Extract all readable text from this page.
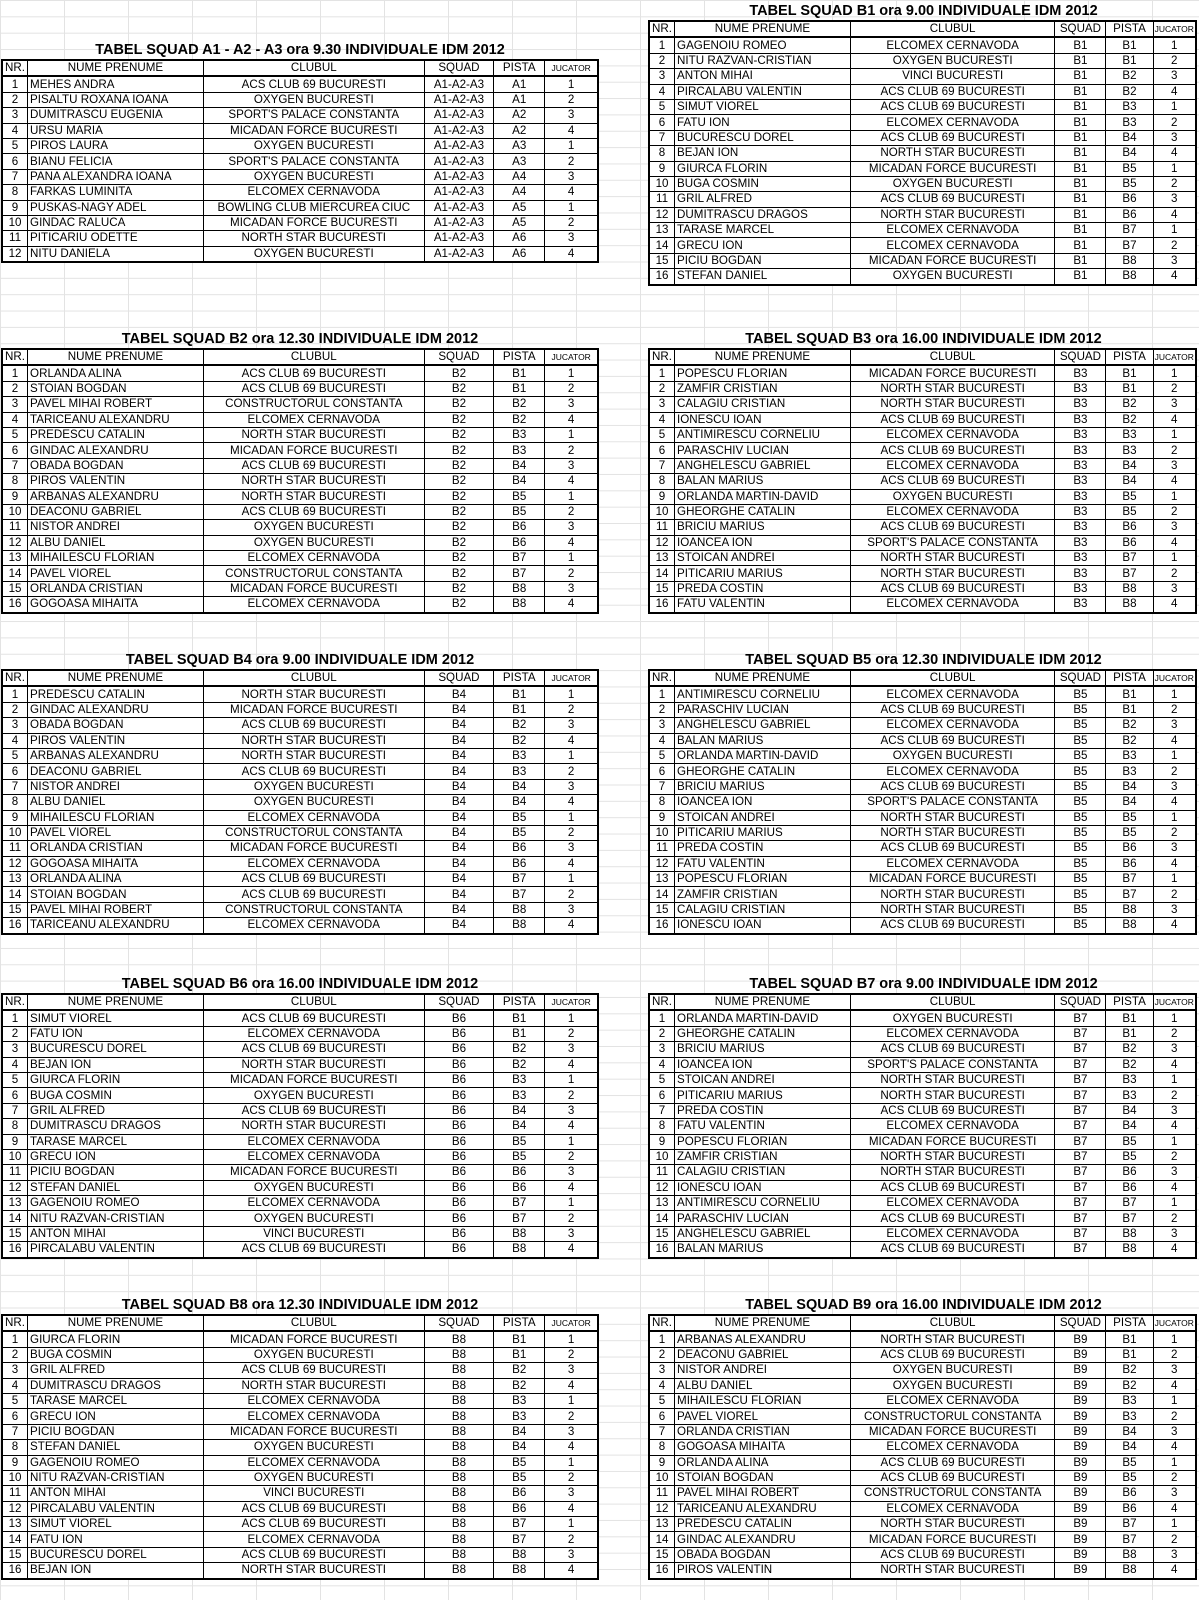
TABEL SQUAD A1 - A2 - A3 ora 9.30 INDIVIDUALE IDM 2012
NR.	NUME PRENUME	CLUBUL	SQUAD	PISTA	JUCATOR
1	MEHES ANDRA	ACS CLUB 69 BUCURESTI	A1-A2-A3	A1	1
2	PISALTU ROXANA IOANA	OXYGEN BUCURESTI	A1-A2-A3	A1	2
3	DUMITRASCU EUGENIA	SPORT'S PALACE CONSTANTA	A1-A2-A3	A2	3
4	URSU MARIA	MICADAN FORCE BUCURESTI	A1-A2-A3	A2	4
5	PIROS LAURA	OXYGEN BUCURESTI	A1-A2-A3	A3	1
6	BIANU FELICIA	SPORT'S PALACE CONSTANTA	A1-A2-A3	A3	2
7	PANA ALEXANDRA IOANA	OXYGEN BUCURESTI	A1-A2-A3	A4	3
8	FARKAS LUMINITA	ELCOMEX CERNAVODA	A1-A2-A3	A4	4
9	PUSKAS-NAGY ADEL	BOWLING CLUB MIERCUREA CIUC	A1-A2-A3	A5	1
10	GINDAC RALUCA	MICADAN FORCE BUCURESTI	A1-A2-A3	A5	2
11	PITICARIU ODETTE	NORTH STAR BUCURESTI	A1-A2-A3	A6	3
12	NITU DANIELA	OXYGEN BUCURESTI	A1-A2-A3	A6	4
TABEL SQUAD B1 ora 9.00 INDIVIDUALE IDM 2012
NR.	NUME PRENUME	CLUBUL	SQUAD	PISTA	JUCATOR
1	GAGENOIU ROMEO	ELCOMEX CERNAVODA	B1	B1	1
2	NITU RAZVAN-CRISTIAN	OXYGEN BUCURESTI	B1	B1	2
3	ANTON MIHAI	VINCI BUCURESTI	B1	B2	3
4	PIRCALABU VALENTIN	ACS CLUB 69 BUCURESTI	B1	B2	4
5	SIMUT VIOREL	ACS CLUB 69 BUCURESTI	B1	B3	1
6	FATU ION	ELCOMEX CERNAVODA	B1	B3	2
7	BUCURESCU DOREL	ACS CLUB 69 BUCURESTI	B1	B4	3
8	BEJAN ION	NORTH STAR BUCURESTI	B1	B4	4
9	GIURCA FLORIN	MICADAN FORCE BUCURESTI	B1	B5	1
10	BUGA COSMIN	OXYGEN BUCURESTI	B1	B5	2
11	GRIL ALFRED	ACS CLUB 69 BUCURESTI	B1	B6	3
12	DUMITRASCU DRAGOS	NORTH STAR BUCURESTI	B1	B6	4
13	TARASE MARCEL	ELCOMEX CERNAVODA	B1	B7	1
14	GRECU ION	ELCOMEX CERNAVODA	B1	B7	2
15	PICIU BOGDAN	MICADAN FORCE BUCURESTI	B1	B8	3
16	STEFAN DANIEL	OXYGEN BUCURESTI	B1	B8	4
TABEL SQUAD B2 ora 12.30 INDIVIDUALE IDM 2012
NR.	NUME PRENUME	CLUBUL	SQUAD	PISTA	JUCATOR
1	ORLANDA ALINA	ACS CLUB 69 BUCURESTI	B2	B1	1
2	STOIAN BOGDAN	ACS CLUB 69 BUCURESTI	B2	B1	2
3	PAVEL MIHAI ROBERT	CONSTRUCTORUL CONSTANTA	B2	B2	3
4	TARICEANU ALEXANDRU	ELCOMEX CERNAVODA	B2	B2	4
5	PREDESCU CATALIN	NORTH STAR BUCURESTI	B2	B3	1
6	GINDAC ALEXANDRU	MICADAN FORCE BUCURESTI	B2	B3	2
7	OBADA BOGDAN	ACS CLUB 69 BUCURESTI	B2	B4	3
8	PIROS VALENTIN	NORTH STAR BUCURESTI	B2	B4	4
9	ARBANAS ALEXANDRU	NORTH STAR BUCURESTI	B2	B5	1
10	DEACONU GABRIEL	ACS CLUB 69 BUCURESTI	B2	B5	2
11	NISTOR ANDREI	OXYGEN BUCURESTI	B2	B6	3
12	ALBU DANIEL	OXYGEN BUCURESTI	B2	B6	4
13	MIHAILESCU FLORIAN	ELCOMEX CERNAVODA	B2	B7	1
14	PAVEL VIOREL	CONSTRUCTORUL CONSTANTA	B2	B7	2
15	ORLANDA CRISTIAN	MICADAN FORCE BUCURESTI	B2	B8	3
16	GOGOASA MIHAITA	ELCOMEX CERNAVODA	B2	B8	4
TABEL SQUAD B3 ora 16.00 INDIVIDUALE IDM 2012
NR.	NUME PRENUME	CLUBUL	SQUAD	PISTA	JUCATOR
1	POPESCU FLORIAN	MICADAN FORCE BUCURESTI	B3	B1	1
2	ZAMFIR CRISTIAN	NORTH STAR BUCURESTI	B3	B1	2
3	CALAGIU CRISTIAN	NORTH STAR BUCURESTI	B3	B2	3
4	IONESCU IOAN	ACS CLUB 69 BUCURESTI	B3	B2	4
5	ANTIMIRESCU CORNELIU	ELCOMEX CERNAVODA	B3	B3	1
6	PARASCHIV LUCIAN	ACS CLUB 69 BUCURESTI	B3	B3	2
7	ANGHELESCU GABRIEL	ELCOMEX CERNAVODA	B3	B4	3
8	BALAN MARIUS	ACS CLUB 69 BUCURESTI	B3	B4	4
9	ORLANDA MARTIN-DAVID	OXYGEN BUCURESTI	B3	B5	1
10	GHEORGHE CATALIN	ELCOMEX CERNAVODA	B3	B5	2
11	BRICIU MARIUS	ACS CLUB 69 BUCURESTI	B3	B6	3
12	IOANCEA ION	SPORT'S PALACE CONSTANTA	B3	B6	4
13	STOICAN ANDREI	NORTH STAR BUCURESTI	B3	B7	1
14	PITICARIU MARIUS	NORTH STAR BUCURESTI	B3	B7	2
15	PREDA COSTIN	ACS CLUB 69 BUCURESTI	B3	B8	3
16	FATU VALENTIN	ELCOMEX CERNAVODA	B3	B8	4
TABEL SQUAD B4 ora 9.00 INDIVIDUALE IDM 2012
NR.	NUME PRENUME	CLUBUL	SQUAD	PISTA	JUCATOR
1	PREDESCU CATALIN	NORTH STAR BUCURESTI	B4	B1	1
2	GINDAC ALEXANDRU	MICADAN FORCE BUCURESTI	B4	B1	2
3	OBADA BOGDAN	ACS CLUB 69 BUCURESTI	B4	B2	3
4	PIROS VALENTIN	NORTH STAR BUCURESTI	B4	B2	4
5	ARBANAS ALEXANDRU	NORTH STAR BUCURESTI	B4	B3	1
6	DEACONU GABRIEL	ACS CLUB 69 BUCURESTI	B4	B3	2
7	NISTOR ANDREI	OXYGEN BUCURESTI	B4	B4	3
8	ALBU DANIEL	OXYGEN BUCURESTI	B4	B4	4
9	MIHAILESCU FLORIAN	ELCOMEX CERNAVODA	B4	B5	1
10	PAVEL VIOREL	CONSTRUCTORUL CONSTANTA	B4	B5	2
11	ORLANDA CRISTIAN	MICADAN FORCE BUCURESTI	B4	B6	3
12	GOGOASA MIHAITA	ELCOMEX CERNAVODA	B4	B6	4
13	ORLANDA ALINA	ACS CLUB 69 BUCURESTI	B4	B7	1
14	STOIAN BOGDAN	ACS CLUB 69 BUCURESTI	B4	B7	2
15	PAVEL MIHAI ROBERT	CONSTRUCTORUL CONSTANTA	B4	B8	3
16	TARICEANU ALEXANDRU	ELCOMEX CERNAVODA	B4	B8	4
TABEL SQUAD B5 ora 12.30 INDIVIDUALE IDM 2012
NR.	NUME PRENUME	CLUBUL	SQUAD	PISTA	JUCATOR
1	ANTIMIRESCU CORNELIU	ELCOMEX CERNAVODA	B5	B1	1
2	PARASCHIV LUCIAN	ACS CLUB 69 BUCURESTI	B5	B1	2
3	ANGHELESCU GABRIEL	ELCOMEX CERNAVODA	B5	B2	3
4	BALAN MARIUS	ACS CLUB 69 BUCURESTI	B5	B2	4
5	ORLANDA MARTIN-DAVID	OXYGEN BUCURESTI	B5	B3	1
6	GHEORGHE CATALIN	ELCOMEX CERNAVODA	B5	B3	2
7	BRICIU MARIUS	ACS CLUB 69 BUCURESTI	B5	B4	3
8	IOANCEA ION	SPORT'S PALACE CONSTANTA	B5	B4	4
9	STOICAN ANDREI	NORTH STAR BUCURESTI	B5	B5	1
10	PITICARIU MARIUS	NORTH STAR BUCURESTI	B5	B5	2
11	PREDA COSTIN	ACS CLUB 69 BUCURESTI	B5	B6	3
12	FATU VALENTIN	ELCOMEX CERNAVODA	B5	B6	4
13	POPESCU FLORIAN	MICADAN FORCE BUCURESTI	B5	B7	1
14	ZAMFIR CRISTIAN	NORTH STAR BUCURESTI	B5	B7	2
15	CALAGIU CRISTIAN	NORTH STAR BUCURESTI	B5	B8	3
16	IONESCU IOAN	ACS CLUB 69 BUCURESTI	B5	B8	4
TABEL SQUAD B6 ora 16.00 INDIVIDUALE IDM 2012
NR.	NUME PRENUME	CLUBUL	SQUAD	PISTA	JUCATOR
1	SIMUT VIOREL	ACS CLUB 69 BUCURESTI	B6	B1	1
2	FATU ION	ELCOMEX CERNAVODA	B6	B1	2
3	BUCURESCU DOREL	ACS CLUB 69 BUCURESTI	B6	B2	3
4	BEJAN ION	NORTH STAR BUCURESTI	B6	B2	4
5	GIURCA FLORIN	MICADAN FORCE BUCURESTI	B6	B3	1
6	BUGA COSMIN	OXYGEN BUCURESTI	B6	B3	2
7	GRIL ALFRED	ACS CLUB 69 BUCURESTI	B6	B4	3
8	DUMITRASCU DRAGOS	NORTH STAR BUCURESTI	B6	B4	4
9	TARASE MARCEL	ELCOMEX CERNAVODA	B6	B5	1
10	GRECU ION	ELCOMEX CERNAVODA	B6	B5	2
11	PICIU BOGDAN	MICADAN FORCE BUCURESTI	B6	B6	3
12	STEFAN DANIEL	OXYGEN BUCURESTI	B6	B6	4
13	GAGENOIU ROMEO	ELCOMEX CERNAVODA	B6	B7	1
14	NITU RAZVAN-CRISTIAN	OXYGEN BUCURESTI	B6	B7	2
15	ANTON MIHAI	VINCI BUCURESTI	B6	B8	3
16	PIRCALABU VALENTIN	ACS CLUB 69 BUCURESTI	B6	B8	4
TABEL SQUAD B7 ora 9.00 INDIVIDUALE IDM 2012
NR.	NUME PRENUME	CLUBUL	SQUAD	PISTA	JUCATOR
1	ORLANDA MARTIN-DAVID	OXYGEN BUCURESTI	B7	B1	1
2	GHEORGHE CATALIN	ELCOMEX CERNAVODA	B7	B1	2
3	BRICIU MARIUS	ACS CLUB 69 BUCURESTI	B7	B2	3
4	IOANCEA ION	SPORT'S PALACE CONSTANTA	B7	B2	4
5	STOICAN ANDREI	NORTH STAR BUCURESTI	B7	B3	1
6	PITICARIU MARIUS	NORTH STAR BUCURESTI	B7	B3	2
7	PREDA COSTIN	ACS CLUB 69 BUCURESTI	B7	B4	3
8	FATU VALENTIN	ELCOMEX CERNAVODA	B7	B4	4
9	POPESCU FLORIAN	MICADAN FORCE BUCURESTI	B7	B5	1
10	ZAMFIR CRISTIAN	NORTH STAR BUCURESTI	B7	B5	2
11	CALAGIU CRISTIAN	NORTH STAR BUCURESTI	B7	B6	3
12	IONESCU IOAN	ACS CLUB 69 BUCURESTI	B7	B6	4
13	ANTIMIRESCU CORNELIU	ELCOMEX CERNAVODA	B7	B7	1
14	PARASCHIV LUCIAN	ACS CLUB 69 BUCURESTI	B7	B7	2
15	ANGHELESCU GABRIEL	ELCOMEX CERNAVODA	B7	B8	3
16	BALAN MARIUS	ACS CLUB 69 BUCURESTI	B7	B8	4
TABEL SQUAD B8 ora 12.30 INDIVIDUALE IDM 2012
NR.	NUME PRENUME	CLUBUL	SQUAD	PISTA	JUCATOR
1	GIURCA FLORIN	MICADAN FORCE BUCURESTI	B8	B1	1
2	BUGA COSMIN	OXYGEN BUCURESTI	B8	B1	2
3	GRIL ALFRED	ACS CLUB 69 BUCURESTI	B8	B2	3
4	DUMITRASCU DRAGOS	NORTH STAR BUCURESTI	B8	B2	4
5	TARASE MARCEL	ELCOMEX CERNAVODA	B8	B3	1
6	GRECU ION	ELCOMEX CERNAVODA	B8	B3	2
7	PICIU BOGDAN	MICADAN FORCE BUCURESTI	B8	B4	3
8	STEFAN DANIEL	OXYGEN BUCURESTI	B8	B4	4
9	GAGENOIU ROMEO	ELCOMEX CERNAVODA	B8	B5	1
10	NITU RAZVAN-CRISTIAN	OXYGEN BUCURESTI	B8	B5	2
11	ANTON MIHAI	VINCI BUCURESTI	B8	B6	3
12	PIRCALABU VALENTIN	ACS CLUB 69 BUCURESTI	B8	B6	4
13	SIMUT VIOREL	ACS CLUB 69 BUCURESTI	B8	B7	1
14	FATU ION	ELCOMEX CERNAVODA	B8	B7	2
15	BUCURESCU DOREL	ACS CLUB 69 BUCURESTI	B8	B8	3
16	BEJAN ION	NORTH STAR BUCURESTI	B8	B8	4
TABEL SQUAD B9 ora 16.00 INDIVIDUALE IDM 2012
NR.	NUME PRENUME	CLUBUL	SQUAD	PISTA	JUCATOR
1	ARBANAS ALEXANDRU	NORTH STAR BUCURESTI	B9	B1	1
2	DEACONU GABRIEL	ACS CLUB 69 BUCURESTI	B9	B1	2
3	NISTOR ANDREI	OXYGEN BUCURESTI	B9	B2	3
4	ALBU DANIEL	OXYGEN BUCURESTI	B9	B2	4
5	MIHAILESCU FLORIAN	ELCOMEX CERNAVODA	B9	B3	1
6	PAVEL VIOREL	CONSTRUCTORUL CONSTANTA	B9	B3	2
7	ORLANDA CRISTIAN	MICADAN FORCE BUCURESTI	B9	B4	3
8	GOGOASA MIHAITA	ELCOMEX CERNAVODA	B9	B4	4
9	ORLANDA ALINA	ACS CLUB 69 BUCURESTI	B9	B5	1
10	STOIAN BOGDAN	ACS CLUB 69 BUCURESTI	B9	B5	2
11	PAVEL MIHAI ROBERT	CONSTRUCTORUL CONSTANTA	B9	B6	3
12	TARICEANU ALEXANDRU	ELCOMEX CERNAVODA	B9	B6	4
13	PREDESCU CATALIN	NORTH STAR BUCURESTI	B9	B7	1
14	GINDAC ALEXANDRU	MICADAN FORCE BUCURESTI	B9	B7	2
15	OBADA BOGDAN	ACS CLUB 69 BUCURESTI	B9	B8	3
16	PIROS VALENTIN	NORTH STAR BUCURESTI	B9	B8	4
